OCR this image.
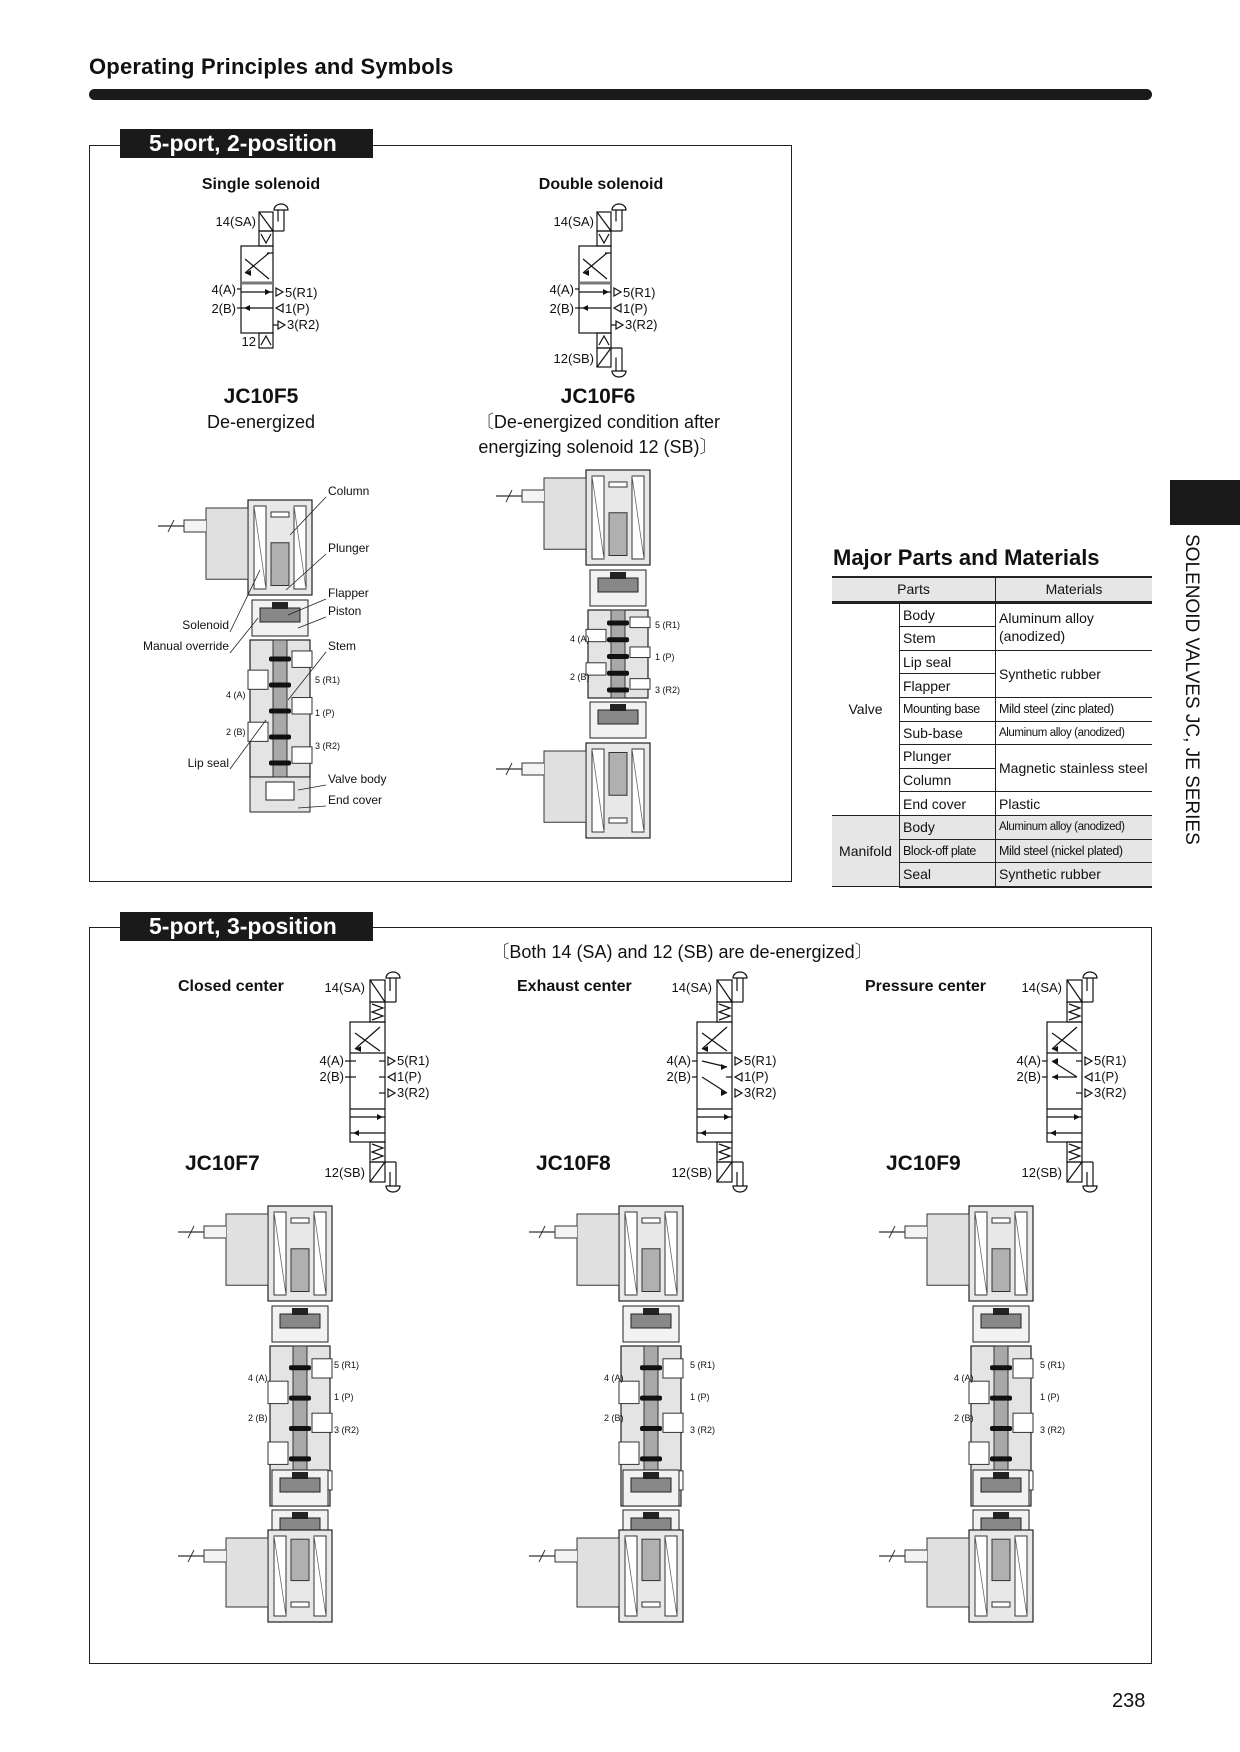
Operating Principles and Symbols
5-port, 2-position
Single solenoid	Double solenoid
JC10F5
De-energized
JC10F6
〔De-energized condition after
energizing solenoid 12 (SB)〕
Column
Plunger
Flapper
Piston
Solenoid
Manual override	Stem
Lip seal
Valve body
End cover
5 (R1)
4 (A)
1 (P)
2 (B)
3 (R2)
5 (R1)
4 (A)
1 (P)
2 (B)
3 (R2)
Major Parts and Materials
Parts		Materials
Valve	Body	Aluminum alloy (anodized)
	Stem	
	Lip seal	Synthetic rubber
	Flapper	
	Mounting base	Mild steel (zinc plated)
	Sub-base	Aluminum alloy (anodized)
	Plunger	Magnetic stainless steel
	Column	
	End cover	Plastic
Manifold	Body	Aluminum alloy (anodized)
	Block-off plate	Mild steel (nickel plated)
	Seal	Synthetic rubber
SOLENOID VALVES JC, JE SERIES
5-port, 3-position
〔Both 14 (SA) and 12 (SB) are de-energized〕
Closed center	Exhaust center	Pressure center
JC10F7	JC10F8	JC10F9
5 (R1)
4 (A)
1 (P)
2 (B)
3 (R2)
5 (R1)
4 (A)
1 (P)
2 (B)
3 (R2)
5 (R1)
4 (A)
1 (P)
2 (B)
3 (R2)
238
14(SA)
4(A)
2(B)
5(R1)
1(P)
3(R2)
12
14(SA)
4(A)
2(B)
5(R1)
1(P)
3(R2)
12(SB)
14(SA)
4(A)
2(B)
5(R1)
1(P)
3(R2)
12(SB)
14(SA)
4(A)
2(B)
5(R1)
1(P)
3(R2)
12(SB)
14(SA)
4(A)
2(B)
5(R1)
1(P)
3(R2)
12(SB)
